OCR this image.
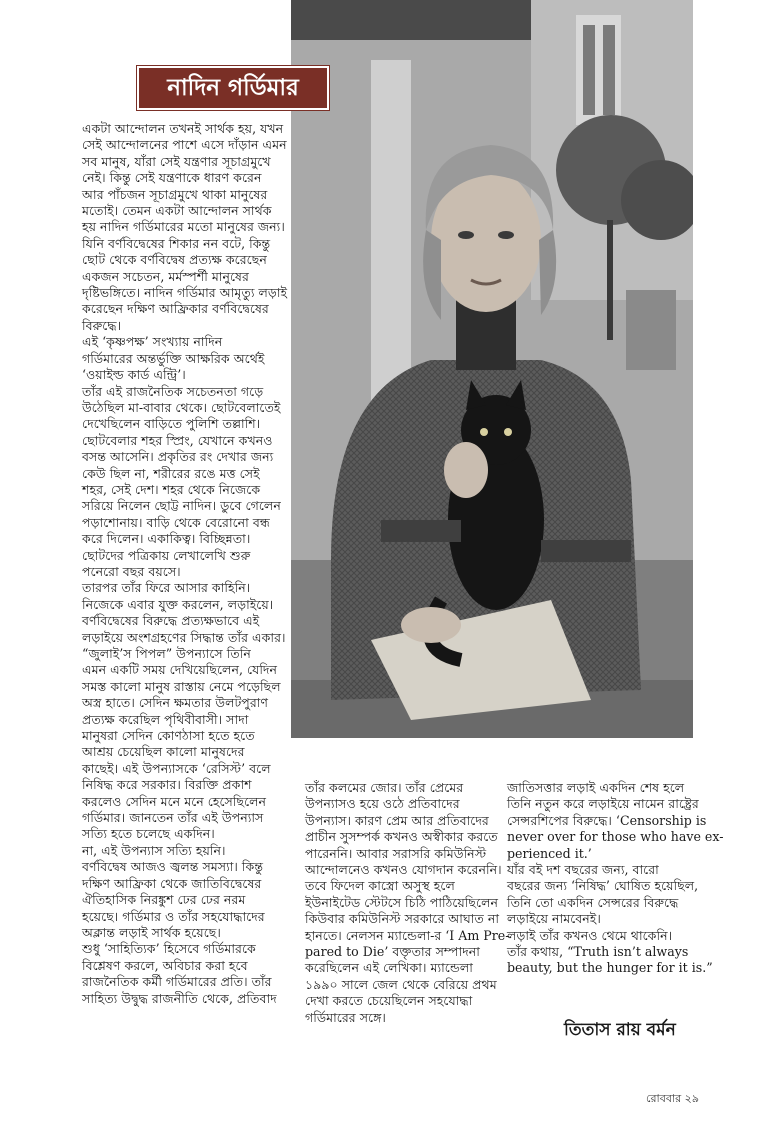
নাদিন গর্ডিমার

একটা আন্দোলন তখনই সার্থক হয়, যখন

সেই আন্দোলনের পাশে এসে দাঁড়ান এমন

সব মানুষ, যাঁরা সেই যন্ত্রণার সূচাগ্রমুখে

নেই। কিন্তু সেই যন্ত্রণাকে ধারণ করেন

আর পাঁচজন সূচাগ্রমুখে থাকা মানুষের

মতোই। তেমন একটা আন্দোলন সার্থক

হয় নাদিন গর্ডিমারের মতো মানুষের জন্য।

যিনি বর্ণবিদ্বেষের শিকার নন বটে, কিন্তু

ছোট থেকে বর্ণবিদ্বেষ প্রত্যক্ষ করেছেন

একজন সচেতন, মর্মস্পর্শী মানুষের

দৃষ্টিভঙ্গিতে। নাদিন গর্ডিমার আমৃত্যু লড়াই

করেছেন দক্ষিণ আফ্রিকার বর্ণবিদ্বেষের

বিরুদ্ধে।

এই ‘কৃষ্ণপক্ষ’ সংখ্যায় নাদিন

গর্ডিমারের অন্তর্ভুক্তি আক্ষরিক অর্থেই

‘ওয়াইল্ড কার্ড এন্ট্রি’।

তাঁর এই রাজনৈতিক সচেতনতা গড়ে

উঠেছিল মা-বাবার থেকে। ছোটবেলাতেই

দেখেছিলেন বাড়িতে পুলিশি তল্লাশি।

ছোটবেলার শহর স্প্রিং, যেখানে কখনও

বসন্ত আসেনি। প্রকৃতির রং দেখার জন্য

কেউ ছিল না, শরীরের রঙে মত্ত সেই

শহর, সেই দেশ। শহর থেকে নিজেকে

সরিয়ে নিলেন ছোট্ট নাদিন। ডুবে গেলেন

পড়াশোনায়। বাড়ি থেকে বেরোনো বন্ধ

করে দিলেন। একাকিত্ব। বিচ্ছিন্নতা।

ছোটদের পত্রিকায় লেখালেখি শুরু

পনেরো বছর বয়সে।

তারপর তাঁর ফিরে আসার কাহিনি।

নিজেকে এবার যুক্ত করলেন, লড়াইয়ে।

বর্ণবিদ্বেষের বিরুদ্ধে প্রত্যক্ষভাবে এই

লড়াইয়ে অংশগ্রহণের সিদ্ধান্ত তাঁর একার।

“জুলাই’স পিপল” উপন্যাসে তিনি

এমন একটি সময় দেখিয়েছিলেন, যেদিন

সমস্ত কালো মানুষ রাস্তায় নেমে পড়েছিল

অস্ত্র হাতে। সেদিন ক্ষমতার উলটপুরাণ

প্রত্যক্ষ করেছিল পৃথিবীবাসী। সাদা

মানুষরা সেদিন কোণঠাসা হতে হতে

আশ্রয় চেয়েছিল কালো মানুষদের

কাছেই। এই উপন্যাসকে ‘রেসিস্ট’ বলে

নিষিদ্ধ করে সরকার। বিরক্তি প্রকাশ

করলেও সেদিন মনে মনে হেসেছিলেন

গর্ডিমার। জানতেন তাঁর এই উপন্যাস

সত্যি হতে চলেছে একদিন।

না, এই উপন্যাস সত্যি হয়নি।

বর্ণবিদ্বেষ আজও জ্বলন্ত সমস্যা। কিন্তু

দক্ষিণ আফ্রিকা থেকে জাতিবিদ্বেষের

ঐতিহাসিক নিরঙ্কুশ ঢের ঢের নরম

হয়েছে। গর্ডিমার ও তাঁর সহযোদ্ধাদের

অক্লান্ত লড়াই সার্থক হয়েছে।

শুধু ‘সাহিত্যিক’ হিসেবে গর্ডিমারকে

বিশ্লেষণ করলে, অবিচার করা হবে

রাজনৈতিক কর্মী গর্ডিমারের প্রতি। তাঁর

সাহিত্য উদ্বুদ্ধ রাজনীতি থেকে, প্রতিবাদ

তাঁর কলমের জোর। তাঁর প্রেমের

উপন্যাসও হয়ে ওঠে প্রতিবাদের

উপন্যাস। কারণ প্রেম আর প্রতিবাদের

প্রাচীন সুসম্পর্ক কখনও অস্বীকার করতে

পারেননি। আবার সরাসরি কমিউনিস্ট

আন্দোলনেও কখনও যোগদান করেননি।

তবে ফিদেল কাস্ত্রো অসুস্থ হলে

ইউনাইটেড স্টেটসে চিঠি পাঠিয়েছিলেন

কিউবার কমিউনিস্ট সরকারে আঘাত না

হানতে। নেলসন ম্যান্ডেলা-র ‘I Am Pre-

pared to Die’ বক্তৃতার সম্পাদনা

করেছিলেন এই লেখিকা। ম্যান্ডেলা

১৯৯০ সালে জেল থেকে বেরিয়ে প্রথম

দেখা করতে চেয়েছিলেন সহযোদ্ধা

গর্ডিমারের সঙ্গে।

জাতিসত্তার লড়াই একদিন শেষ হলে

তিনি নতুন করে লড়াইয়ে নামেন রাষ্ট্রের

সেন্সরশিপের বিরুদ্ধে। ‘Censorship is

never over for those who have ex-

perienced it.’

যাঁর বই দশ বছরের জন্য, বারো

বছরের জন্য ‘নিষিদ্ধ’ ঘোষিত হয়েছিল,

তিনি তো একদিন সেন্সরের বিরুদ্ধে

লড়াইয়ে নামবেনই।

লড়াই তাঁর কখনও থেমে থাকেনি।

তাঁর কথায়, “Truth isn’t always

beauty, but the hunger for it is.”

তিতাস রায় বর্মন
রোববার ২৯
